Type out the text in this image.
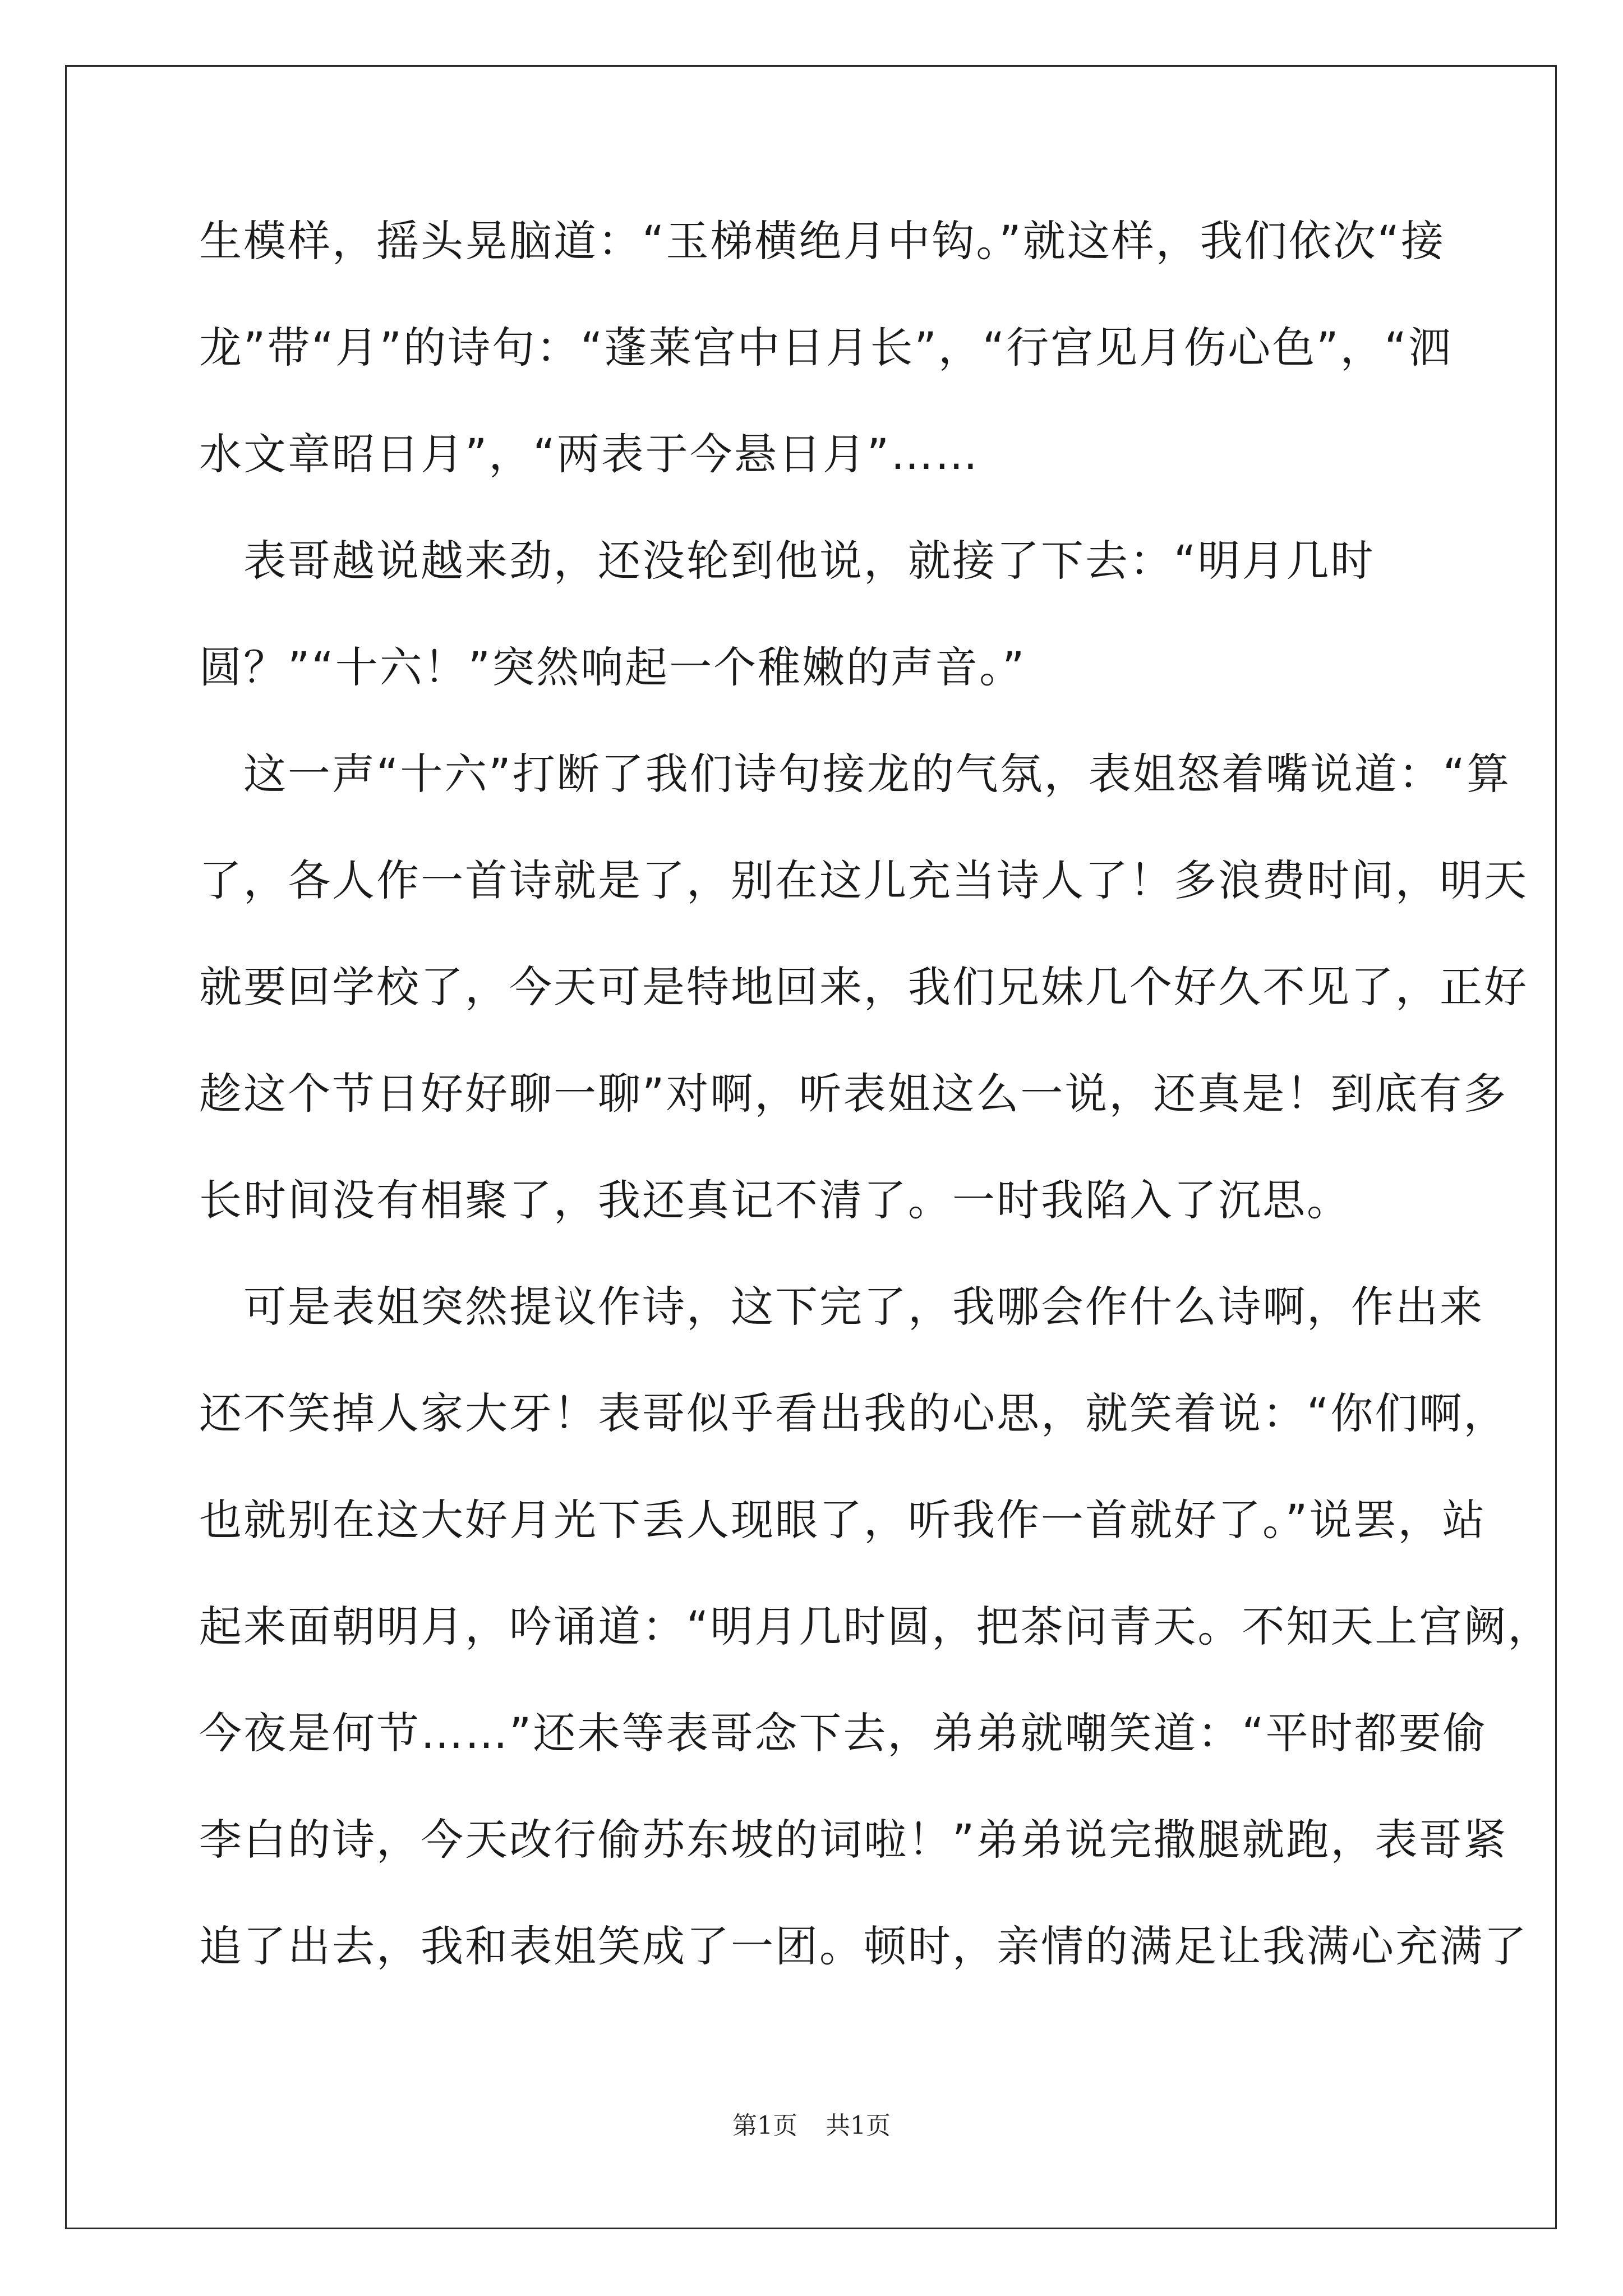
生模样，摇头晃脑道：“玉梯横绝月中钩。”就这样，我们依次“接
龙”带“月”的诗句：“蓬莱宫中日月长”，“行宫见月伤心色”，“泗
水文章昭日月”，“两表于今悬日月”……
　表哥越说越来劲，还没轮到他说，就接了下去：“明月几时
圆？”“十六！”突然响起一个稚嫩的声音。”
　这一声“十六”打断了我们诗句接龙的气氛，表姐怒着嘴说道：“算
了，各人作一首诗就是了，别在这儿充当诗人了！多浪费时间，明天
就要回学校了，今天可是特地回来，我们兄妹几个好久不见了，正好
趁这个节日好好聊一聊”对啊，听表姐这么一说，还真是！到底有多
长时间没有相聚了，我还真记不清了。一时我陷入了沉思。
　可是表姐突然提议作诗，这下完了，我哪会作什么诗啊，作出来
还不笑掉人家大牙！表哥似乎看出我的心思，就笑着说：“你们啊，
也就别在这大好月光下丢人现眼了，听我作一首就好了。”说罢，站
起来面朝明月，吟诵道：“明月几时圆，把茶问青天。不知天上宫阙，
今夜是何节……”还未等表哥念下去，弟弟就嘲笑道：“平时都要偷
李白的诗，今天改行偷苏东坡的词啦！”弟弟说完撒腿就跑，表哥紧
追了出去，我和表姐笑成了一团。顿时，亲情的满足让我满心充满了
第1页 共1页
